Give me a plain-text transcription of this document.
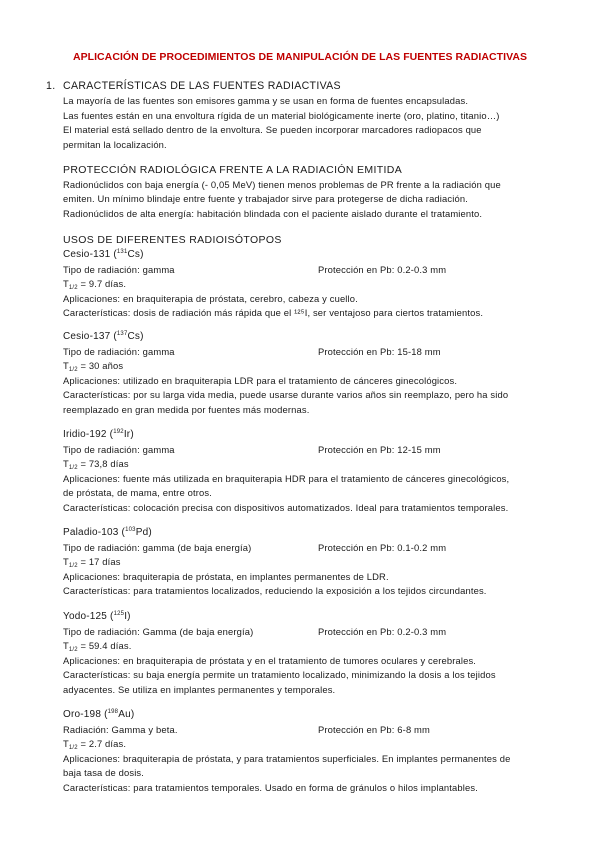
APLICACIÓN DE PROCEDIMIENTOS DE MANIPULACIÓN DE LAS FUENTES RADIACTIVAS
1. CARACTERÍSTICAS DE LAS FUENTES RADIACTIVAS
La mayoría de las fuentes son emisores gamma y se usan en forma de fuentes encapsuladas.
Las fuentes están en una envoltura rígida de un material biológicamente inerte (oro, platino, titanio…)
El material está sellado dentro de la envoltura. Se pueden incorporar marcadores radiopacos que
permitan la localización.
PROTECCIÓN RADIOLÓGICA FRENTE A LA RADIACIÓN EMITIDA
Radionúclidos con baja energía (- 0,05 MeV) tienen menos problemas de PR frente a la radiación que
emiten. Un mínimo blindaje entre fuente y trabajador sirve para protegerse de dicha radiación.
Radionúclidos de alta energía: habitación blindada con el paciente aislado durante el tratamiento.
USOS DE DIFERENTES RADIOISÓTOPOS
Cesio-131 ($^{131}$Cs)
Tipo de radiación: gamma	Protección en Pb: 0.2-0.3 mm
$T_{1/2} = 9.7$ días.
Aplicaciones: en braquiterapia de próstata, cerebro, cabeza y cuello.
Características: dosis de radiación más rápida que el ¹²⁵I, ser ventajoso para ciertos tratamientos.
Cesio-137 ($^{137}$Cs)
Tipo de radiación: gamma	Protección en Pb: 15-18 mm
$T_{1/2} = 30$ años
Aplicaciones: utilizado en braquiterapia LDR para el tratamiento de cánceres ginecológicos.
Características: por su larga vida media, puede usarse durante varios años sin reemplazo, pero ha sido
reemplazado en gran medida por fuentes más modernas.
Iridio-192 ($^{192}$Ir)
Tipo de radiación: gamma	Protección en Pb: 12-15 mm
$T_{1/2} = 73,8$ días
Aplicaciones: fuente más utilizada en braquiterapia HDR para el tratamiento de cánceres ginecológicos,
de próstata, de mama, entre otros.
Características: colocación precisa con dispositivos automatizados. Ideal para tratamientos temporales.
Paladio-103 ($^{103}$Pd)
Tipo de radiación: gamma (de baja energía)	Protección en Pb: 0.1-0.2 mm
$T_{1/2} = 17$ días
Aplicaciones: braquiterapia de próstata, en implantes permanentes de LDR.
Características: para tratamientos localizados, reduciendo la exposición a los tejidos circundantes.
Yodo-125 ($^{125}$I)
Tipo de radiación: Gamma (de baja energía)	Protección en Pb: 0.2-0.3 mm
$T_{1/2} = 59.4$ días.
Aplicaciones: en braquiterapia de próstata y en el tratamiento de tumores oculares y cerebrales.
Características: su baja energía permite un tratamiento localizado, minimizando la dosis a los tejidos
adyacentes. Se utiliza en implantes permanentes y temporales.
Oro-198 ($^{198}$Au)
Radiación: Gamma y beta.	Protección en Pb: 6-8 mm
$T_{1/2} = 2.7$ días.
Aplicaciones: braquiterapia de próstata, y para tratamientos superficiales. En implantes permanentes de
baja tasa de dosis.
Características: para tratamientos temporales. Usado en forma de gránulos o hilos implantables.
